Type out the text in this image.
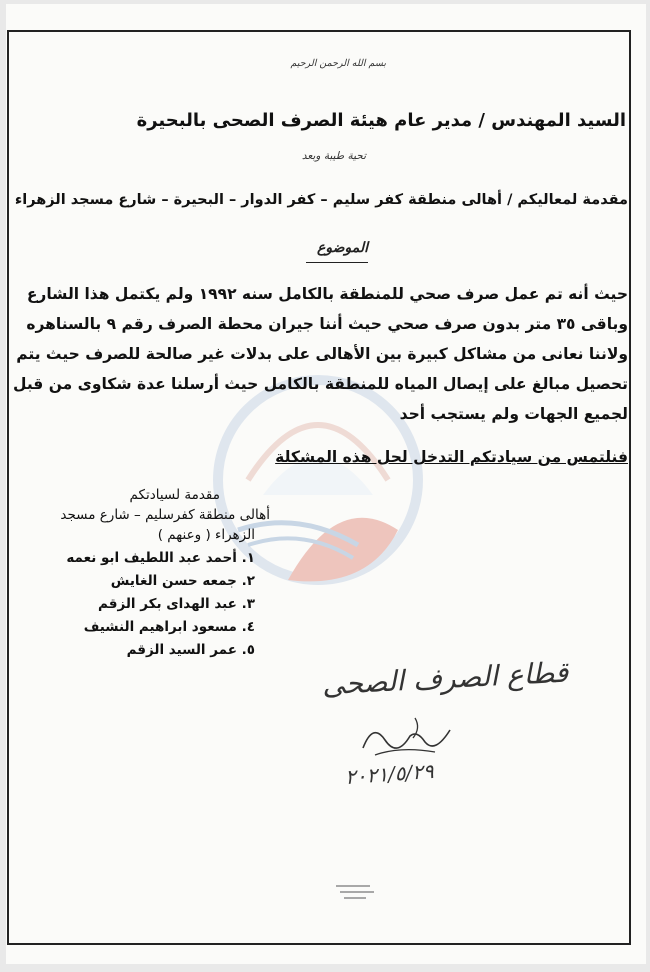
بسم الله الرحمن الرحيم
السيد المهندس / مدير عام هيئة الصرف الصحى بالبحيرة
تحية طيبة وبعد
مقدمة لمعاليكم / أهالى منطقة كفر سليم – كفر الدوار – البحيرة – شارع مسجد الزهراء
الموضوع
حيث أنه تم عمل صرف صحي للمنطقة بالكامل سنه ١٩٩٢ ولم يكتمل هذا الشارع
وباقى ٣٥ متر بدون صرف صحي حيث أننا جيران محطة الصرف رقم ٩ بالسناهره
ولاننا نعانى من مشاكل كبيرة بين الأهالى على بدلات غير صالحة للصرف حيث يتم
تحصيل مبالغ على إيصال المياه للمنطقة بالكامل حيث أرسلنا عدة شكاوى من قبل
لجميع الجهات ولم يستجب أحد
فنلتمس من سيادتكم التدخل لحل هذه المشكلة
مقدمة لسيادتكم
أهالى منطقة كفرسليم – شارع مسجد
الزهراء ( وعنهم )
١. أحمد عبد اللطيف ابو نعمه
٢. جمعه حسن الغايش
٣. عبد الهداى بكر الزقم
٤. مسعود ابراهيم النشيف
٥. عمر السيد الزقم
قطاع الصرف الصحى
٢٠٢١/٥/٢٩
